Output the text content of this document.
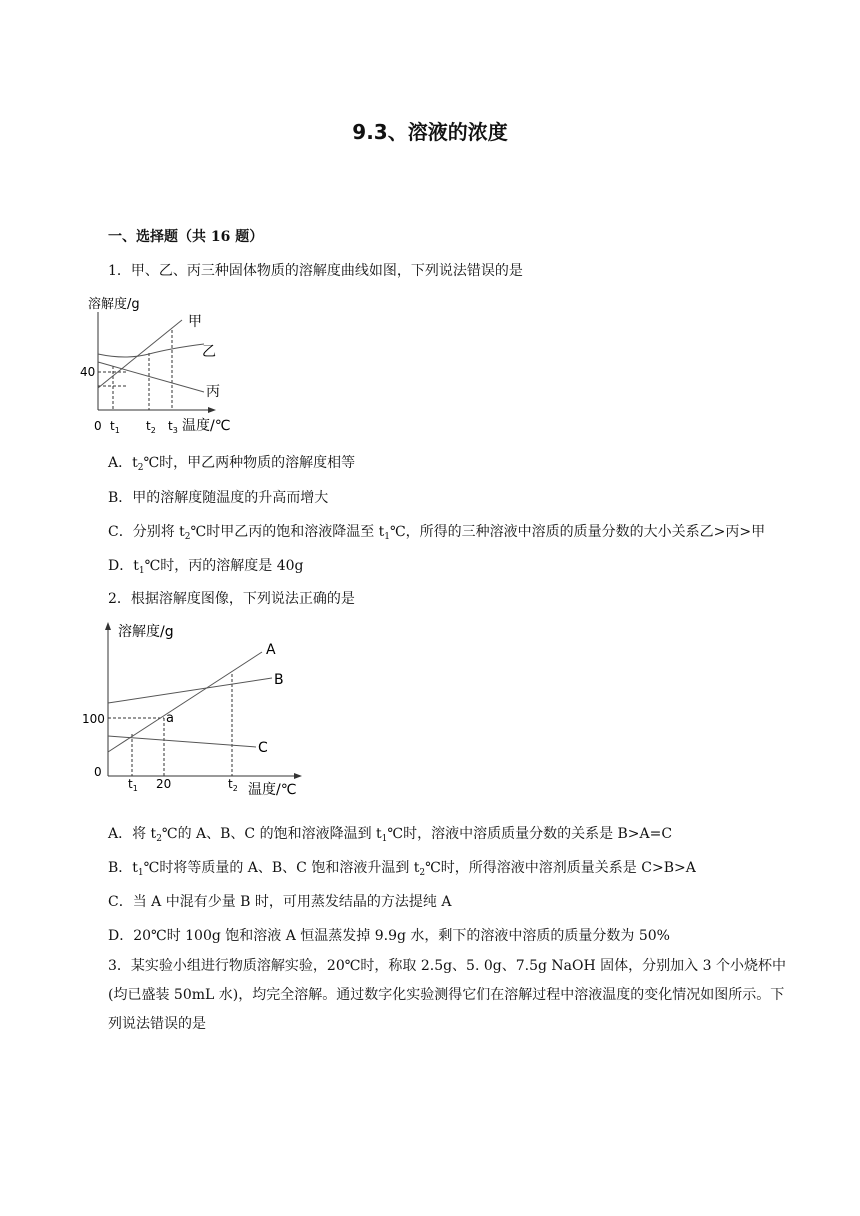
9.3、溶液的浓度
一、选择题（共 16 题）
1．甲、乙、丙三种固体物质的溶解度曲线如图，下列说法错误的是
溶解度/g
40
0 $t_1$ $t_2$ $t_3$ 温度/℃
甲
乙
丙
A．$t_2℃$时，甲乙两种物质的溶解度相等
B．甲的溶解度随温度的升高而增大
C．分别将 $t_2℃$时甲乙丙的饱和溶液降温至 $t_1℃$，所得的三种溶液中溶质的质量分数的大小关系乙>丙>甲
D．$t_1℃$时，丙的溶解度是 40g
2．根据溶解度图像，下列说法正确的是
溶解度/g
100
0
a
$t_1$ 20	$t_2$ 温度/℃
A
B
C
A．将 $t_2℃$的 A、B、C 的饱和溶液降温到 $t_1℃$时，溶液中溶质质量分数的关系是 B>A=C
B．$t_1℃$时将等质量的 A、B、C 饱和溶液升温到 $t_2℃$时，所得溶液中溶剂质量关系是 C>B>A
C．当 A 中混有少量 B 时，可用蒸发结晶的方法提纯 A
D．20℃时 100g 饱和溶液 A 恒温蒸发掉 9.9g 水，剩下的溶液中溶质的质量分数为 50%
3．某实验小组进行物质溶解实验，20℃时，称取 2.5g、5. 0g、7.5g NaOH 固体，分别加入 3 个小烧杯中(均已盛装 50mL 水)，均完全溶解。通过数字化实验测得它们在溶解过程中溶液温度的变化情况如图所示。下列说法错误的是
